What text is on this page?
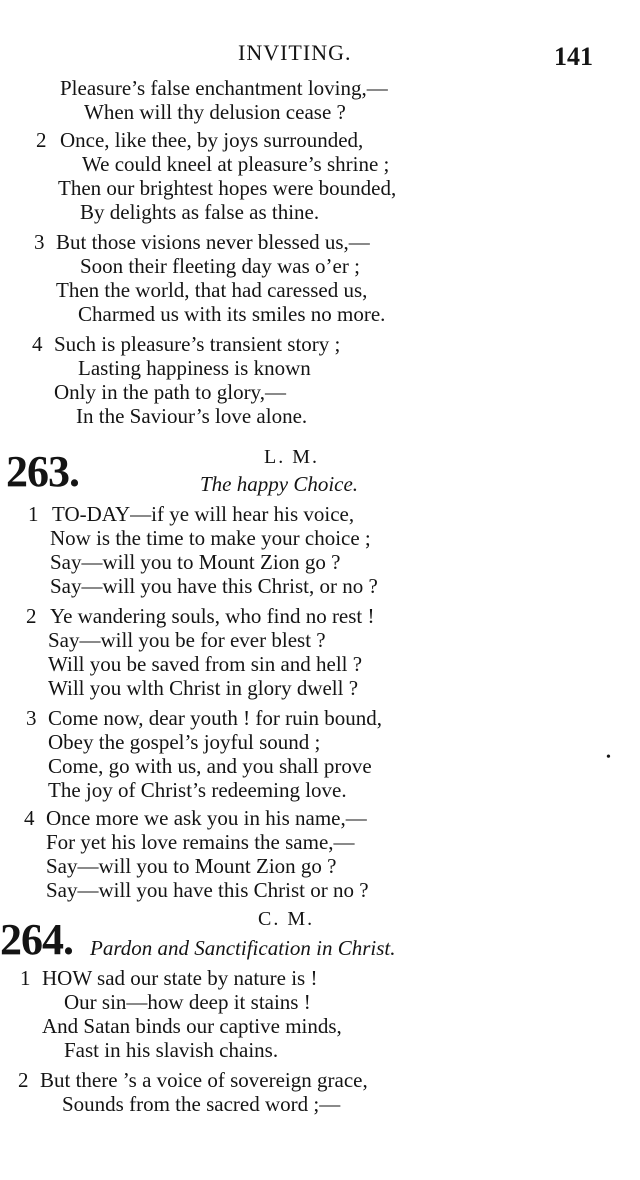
INVITING.	141
Pleasure’s false enchantment loving,—
When will thy delusion cease ?
2 Once, like thee, by joys surrounded,
We could kneel at pleasure’s shrine ;
Then our brightest hopes were bounded,
By delights as false as thine.
3 But those visions never blessed us,—
Soon their fleeting day was o’er ;
Then the world, that had caressed us,
Charmed us with its smiles no more.
4 Such is pleasure’s transient story ;
Lasting happiness is known
Only in the path to glory,—
In the Saviour’s love alone.
263.	L. M.
The happy Choice.
1 TO-DAY—if ye will hear his voice,
Now is the time to make your choice ;
Say—will you to Mount Zion go ?
Say—will you have this Christ, or no ?
2 Ye wandering souls, who find no rest !
Say—will you be for ever blest ?
Will you be saved from sin and hell ?
Will you wlth Christ in glory dwell ?
3 Come now, dear youth ! for ruin bound,
Obey the gospel’s joyful sound ;
Come, go with us, and you shall prove
The joy of Christ’s redeeming love.
•
4 Once more we ask you in his name,—
For yet his love remains the same,—
Say—will you to Mount Zion go ?
Say—will you have this Christ or no ?
264.	C. M.
Pardon and Sanctification in Christ.
1 HOW sad our state by nature is !
Our sin—how deep it stains !
And Satan binds our captive minds,
Fast in his slavish chains.
2 But there ’s a voice of sovereign grace,
Sounds from the sacred word ;—
